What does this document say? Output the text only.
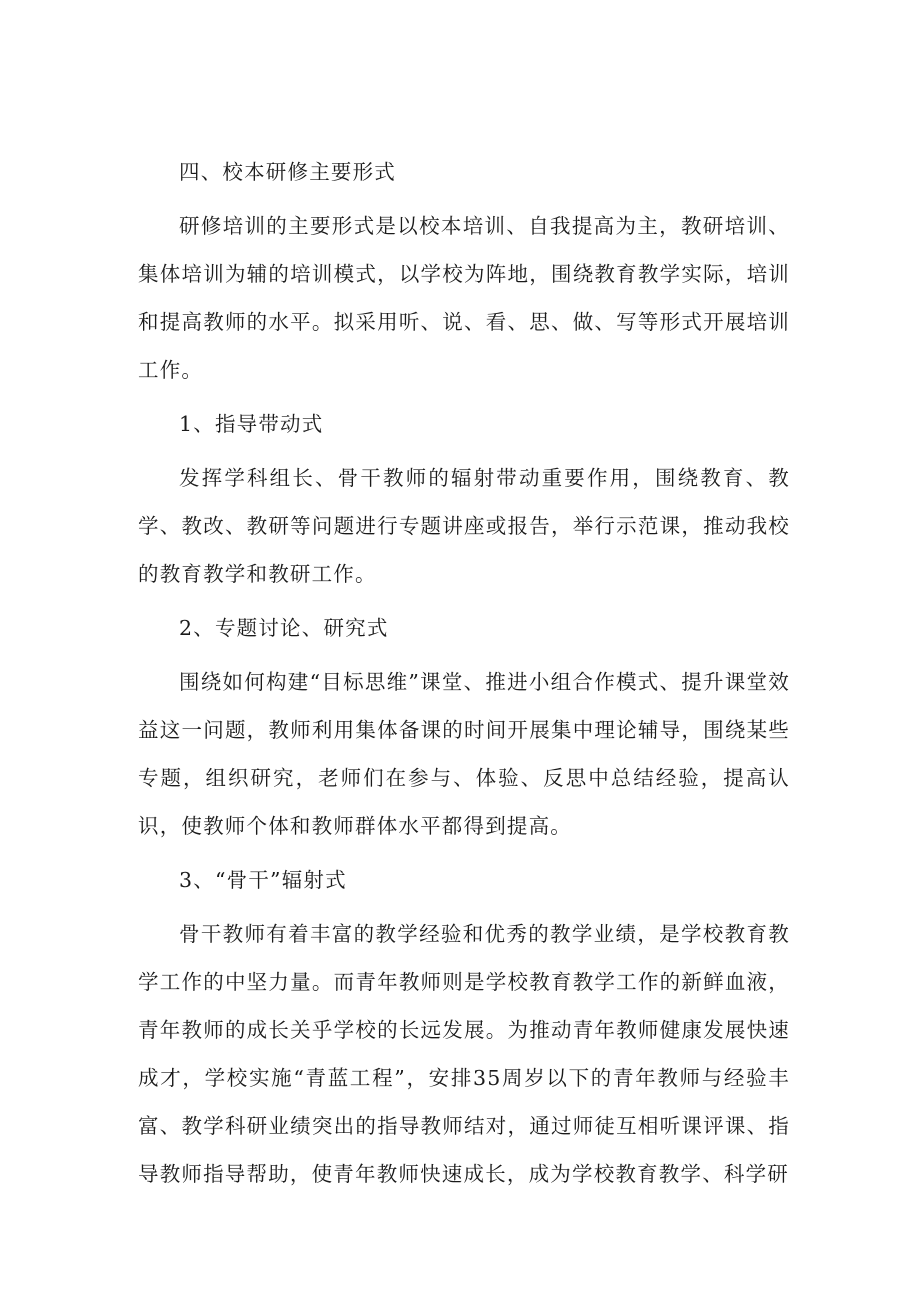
四、校本研修主要形式

研修培训的主要形式是以校本培训、自我提高为主，教研培训、集体培训为辅的培训模式，以学校为阵地，围绕教育教学实际，培训和提高教师的水平。拟采用听、说、看、思、做、写等形式开展培训工作。

1、指导带动式

发挥学科组长、骨干教师的辐射带动重要作用，围绕教育、教学、教改、教研等问题进行专题讲座或报告，举行示范课，推动我校的教育教学和教研工作。

2、专题讨论、研究式

围绕如何构建“目标思维”课堂、推进小组合作模式、提升课堂效益这一问题，教师利用集体备课的时间开展集中理论辅导，围绕某些专题，组织研究，老师们在参与、体验、反思中总结经验，提高认识，使教师个体和教师群体水平都得到提高。

3、“骨干”辐射式

骨干教师有着丰富的教学经验和优秀的教学业绩，是学校教育教学工作的中坚力量。而青年教师则是学校教育教学工作的新鲜血液，青年教师的成长关乎学校的长远发展。为推动青年教师健康发展快速成才，学校实施“青蓝工程”，安排35周岁以下的青年教师与经验丰富、教学科研业绩突出的指导教师结对，通过师徒互相听课评课、指导教师指导帮助，使青年教师快速成长，成为学校教育教学、科学研
